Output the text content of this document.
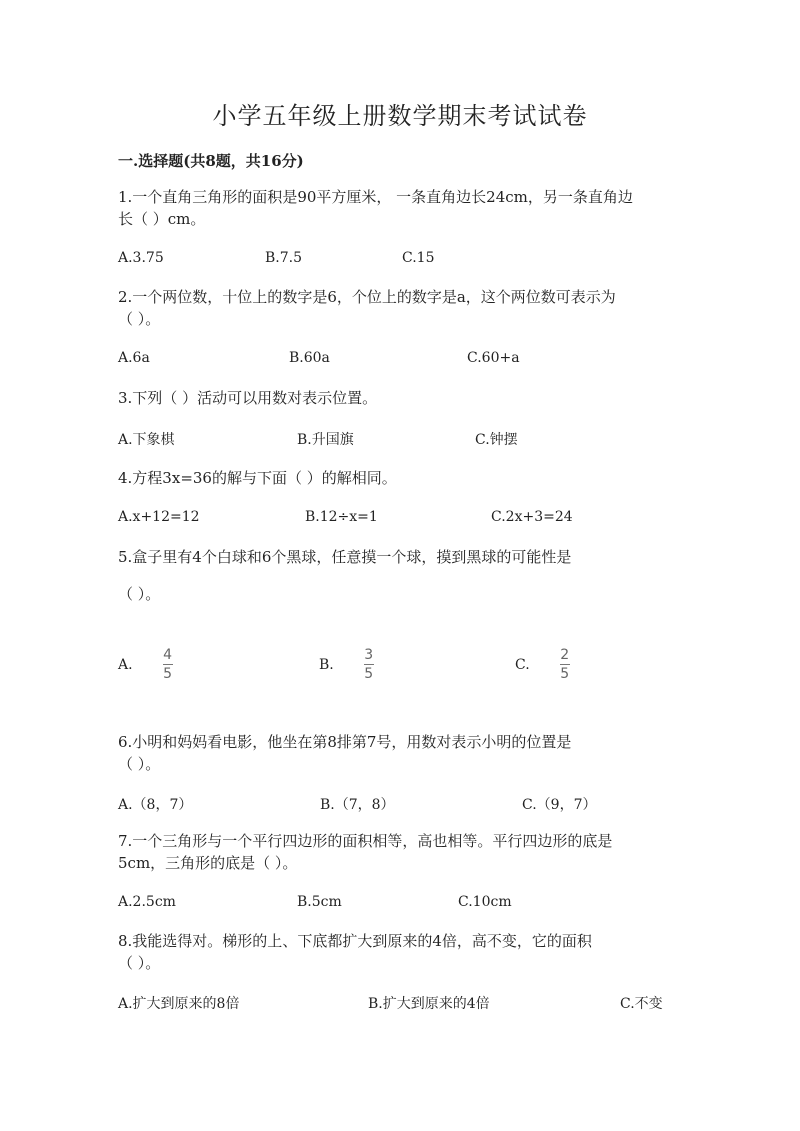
小学五年级上册数学期末考试试卷
一.选择题(共8题，共16分)
1.一个直角三角形的面积是90平方厘米， 一条直角边长24cm，另一条直角边
长（ ）cm。
A.3.75	B.7.5	C.15
2.一个两位数，十位上的数字是6，个位上的数字是a，这个两位数可表示为
（ ）。
A.6a	B.60a	C.60+a
3.下列（ ）活动可以用数对表示位置。
A.下象棋	B.升国旗	C.钟摆
4.方程3x=36的解与下面（ ）的解相同。
A.x+12=12	B.12÷x=1	C.2x+3=24
5.盒子里有4个白球和6个黑球，任意摸一个球，摸到黑球的可能性是
（ ）。
A. $\frac{4}{5}$	B. $\frac{3}{5}$	C. $\frac{2}{5}$
6.小明和妈妈看电影，他坐在第8排第7号，用数对表示小明的位置是
（ ）。
A.（8，7）	B.（7，8）	C.（9，7）
7.一个三角形与一个平行四边形的面积相等，高也相等。平行四边形的底是
5cm，三角形的底是（ ）。
A.2.5cm	B.5cm	C.10cm
8.我能选得对。梯形的上、下底都扩大到原来的4倍，高不变，它的面积
（ ）。
A.扩大到原来的8倍	B.扩大到原来的4倍	C.不变
